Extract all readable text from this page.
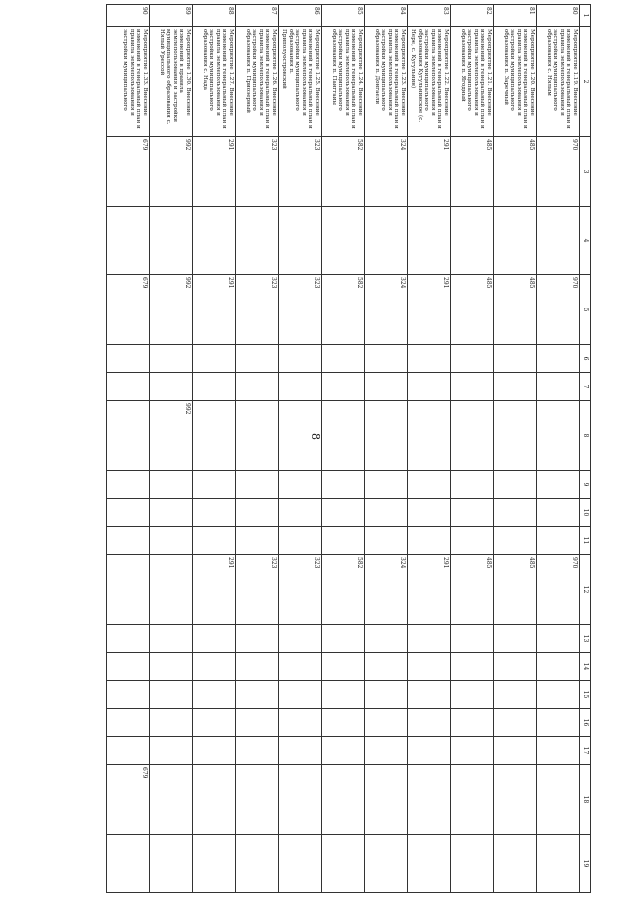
8
1	2	3	4	5	6	7	8	9	10	11	12	13	14	15	16	17	18	19
80	Мероприятие 1.19. Внесение изменений в генеральный план и правила землепользования и застройки муниципального образования с. Нялым	970		970							970							
81	Мероприятие 1.20. Внесение изменений в генеральный план и правила землепользования и застройки муниципального образования п. Заречный	485		485							485							
82	Мероприятие 1.21. Внесение изменений в генеральный план и правила землепользования и застройки муниципального образования п. Ягодный	485		485							485							
83	Мероприятие 1.22. Внесение изменений в генеральный план и правила землепользования и застройки муниципального образования Кугульнинское (с. Нере, с. Кугульнин)	291		291							291							
84	Мероприятие 1.23. Внесение изменений в генеральный план и правила землепользования и застройки муниципального образования п. Донгаели	324		324							324							
85	Мероприятие 1.24. Внесение изменений в генеральный план и правила землепользования и застройки муниципального образования п. Панггаиы	582		582							582							
86	Мероприятие 1.25. Внесение изменений в генеральный план и правила землепользования и застройки муниципального образования п. Приполуостровский	323		323							323							
87	Мероприятие 1.26. Внесение изменений в генеральный план и правила землепользования и застройки муниципального образования п. Приозерный	323		323							323							
88	Мероприятие 1.27. Внесение изменений в генеральный план и правила землепользования и застройки муниципального образования с. Нада	291		291							291							
89	Мероприятие 1.30. Внесение изменений в правила землепользования и застройки муниципального образования с. Нялый Урессой	992		992			992											
90	Мероприятие 1.33. Внесение изменений в генеральный план и правила землепользования и застройки муниципального	679		679													679	
